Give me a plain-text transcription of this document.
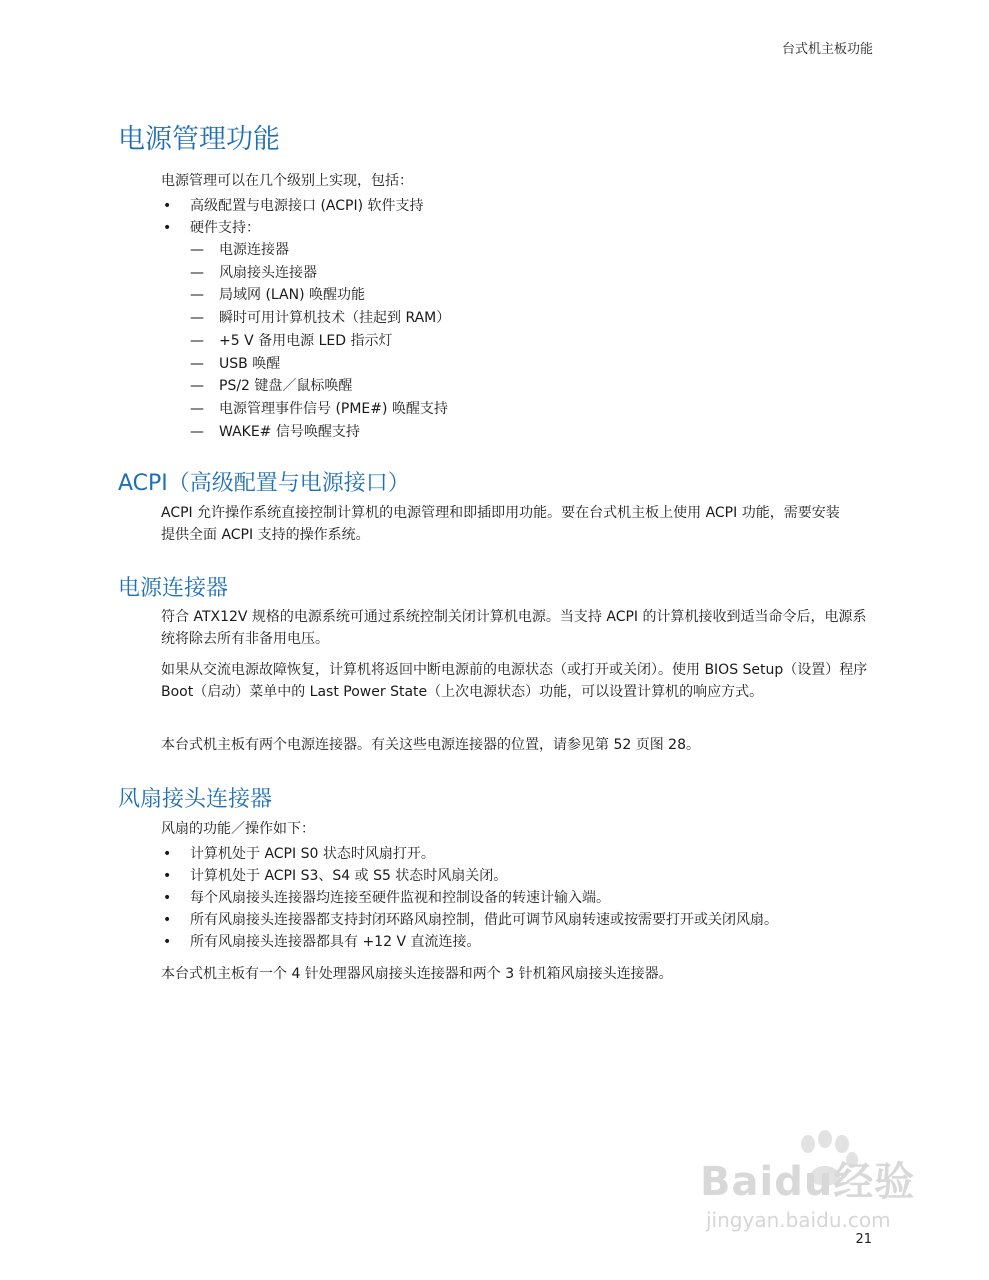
台式机主板功能
电源管理功能

电源管理可以在几个级别上实现，包括：

• 高级配置与电源接口 (ACPI) 软件支持
• 硬件支持：
— 电源连接器
— 风扇接头连接器
— 局域网 (LAN) 唤醒功能
— 瞬时可用计算机技术（挂起到 RAM）
— +5 V 备用电源 LED 指示灯
— USB 唤醒
— PS/2 键盘／鼠标唤醒
— 电源管理事件信号 (PME#) 唤醒支持
— WAKE# 信号唤醒支持
ACPI（高级配置与电源接口）

ACPI 允许操作系统直接控制计算机的电源管理和即插即用功能。要在台式机主板上使用 ACPI 功能，需要安装提供全面 ACPI 支持的操作系统。

电源连接器

符合 ATX12V 规格的电源系统可通过系统控制关闭计算机电源。当支持 ACPI 的计算机接收到适当命令后，电源系统将除去所有非备用电压。

如果从交流电源故障恢复，计算机将返回中断电源前的电源状态（或打开或关闭）。使用 BIOS Setup（设置）程序 Boot（启动）菜单中的 Last Power State（上次电源状态）功能，可以设置计算机的响应方式。

本台式机主板有两个电源连接器。有关这些电源连接器的位置，请参见第 52 页图 28。

风扇接头连接器

风扇的功能／操作如下：

• 计算机处于 ACPI S0 状态时风扇打开。
• 计算机处于 ACPI S3、S4 或 S5 状态时风扇关闭。
• 每个风扇接头连接器均连接至硬件监视和控制设备的转速计输入端。
• 所有风扇接头连接器都支持封闭环路风扇控制，借此可调节风扇转速或按需要打开或关闭风扇。
• 所有风扇接头连接器都具有 +12 V 直流连接。

本台式机主板有一个 4 针处理器风扇接头连接器和两个 3 针机箱风扇接头连接器。

Baidu经验
jingyan.baidu.com
21
